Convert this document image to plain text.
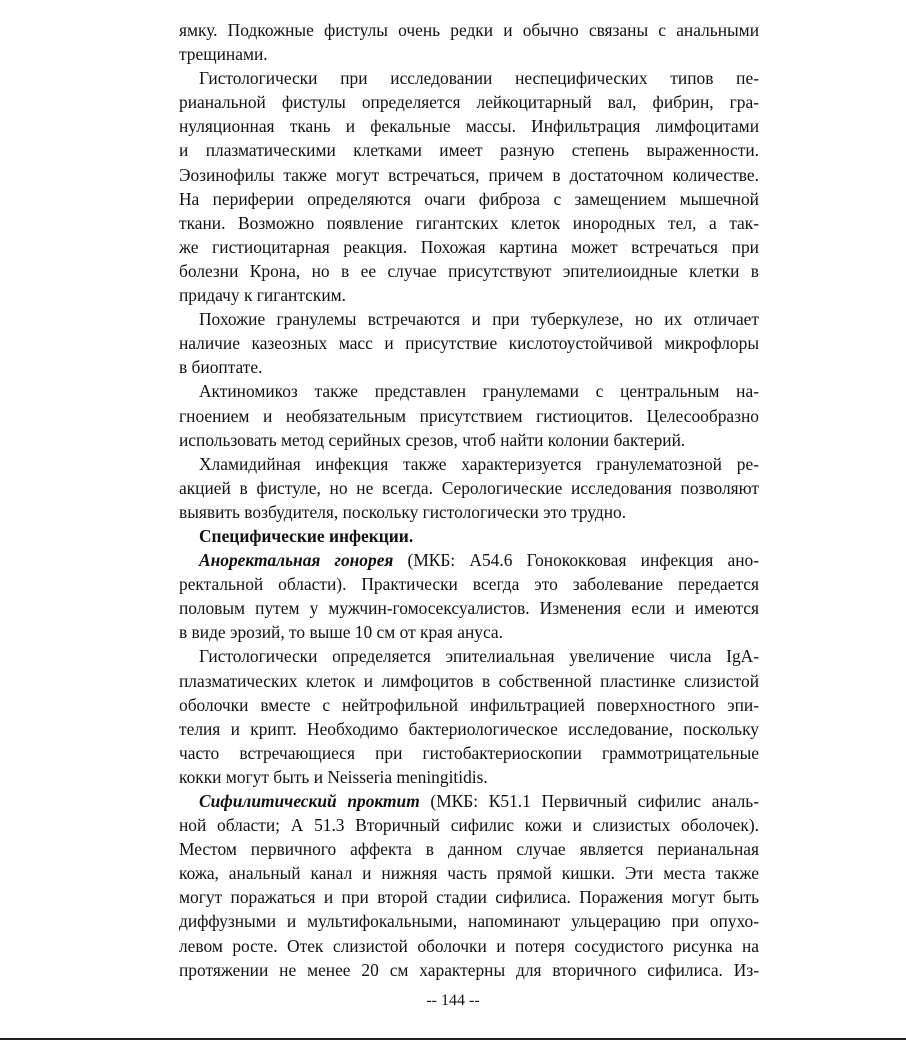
ямку. Подкожные фистулы очень редки и обычно связаны с анальными
трещинами.
Гистологически при исследовании неспецифических типов пе-
рианальной фистулы определяется лейкоцитарный вал, фибрин, гра-
нуляционная ткань и фекальные массы. Инфильтрация лимфоцитами
и плазматическими клетками имеет разную степень выраженности.
Эозинофилы также могут встречаться, причем в достаточном количестве.
На периферии определяются очаги фиброза с замещением мышечной
ткани. Возможно появление гигантских клеток инородных тел, а так-
же гистиоцитарная реакция. Похожая картина может встречаться при
болезни Крона, но в ее случае присутствуют эпителиоидные клетки в
придачу к гигантским.
Похожие гранулемы встречаются и при туберкулезе, но их отличает
наличие казеозных масс и присутствие кислотоустойчивой микрофлоры
в биоптате.
Актиномикоз также представлен гранулемами с центральным на-
гноением и необязательным присутствием гистиоцитов. Целесообразно
использовать метод серийных срезов, чтоб найти колонии бактерий.
Хламидийная инфекция также характеризуется гранулематозной ре-
акцией в фистуле, но не всегда. Серологические исследования позволяют
выявить возбудителя, поскольку гистологически это трудно.
Специфические инфекции.
Аноректальная гонорея (МКБ: А54.6 Гонококковая инфекция ано-
ректальной области). Практически всегда это заболевание передается
половым путем у мужчин-гомосексуалистов. Изменения если и имеются
в виде эрозий, то выше 10 см от края ануса.
Гистологически определяется эпителиальная увеличение числа IgA-
плазматических клеток и лимфоцитов в собственной пластинке слизистой
оболочки вместе с нейтрофильной инфильтрацией поверхностного эпи-
телия и крипт. Необходимо бактериологическое исследование, поскольку
часто встречающиеся при гистобактериоскопии граммотрицательные
кокки могут быть и Neisseria meningitidis.
Сифилитический проктит (МКБ: К51.1 Первичный сифилис аналь-
ной области; А 51.3 Вторичный сифилис кожи и слизистых оболочек).
Местом первичного аффекта в данном случае является перианальная
кожа, анальный канал и нижняя часть прямой кишки. Эти места также
могут поражаться и при второй стадии сифилиса. Поражения могут быть
диффузными и мультифокальными, напоминают ульцерацию при опухо-
левом росте. Отек слизистой оболочки и потеря сосудистого рисунка на
протяжении не менее 20 см характерны для вторичного сифилиса. Из-
-- 144 --
